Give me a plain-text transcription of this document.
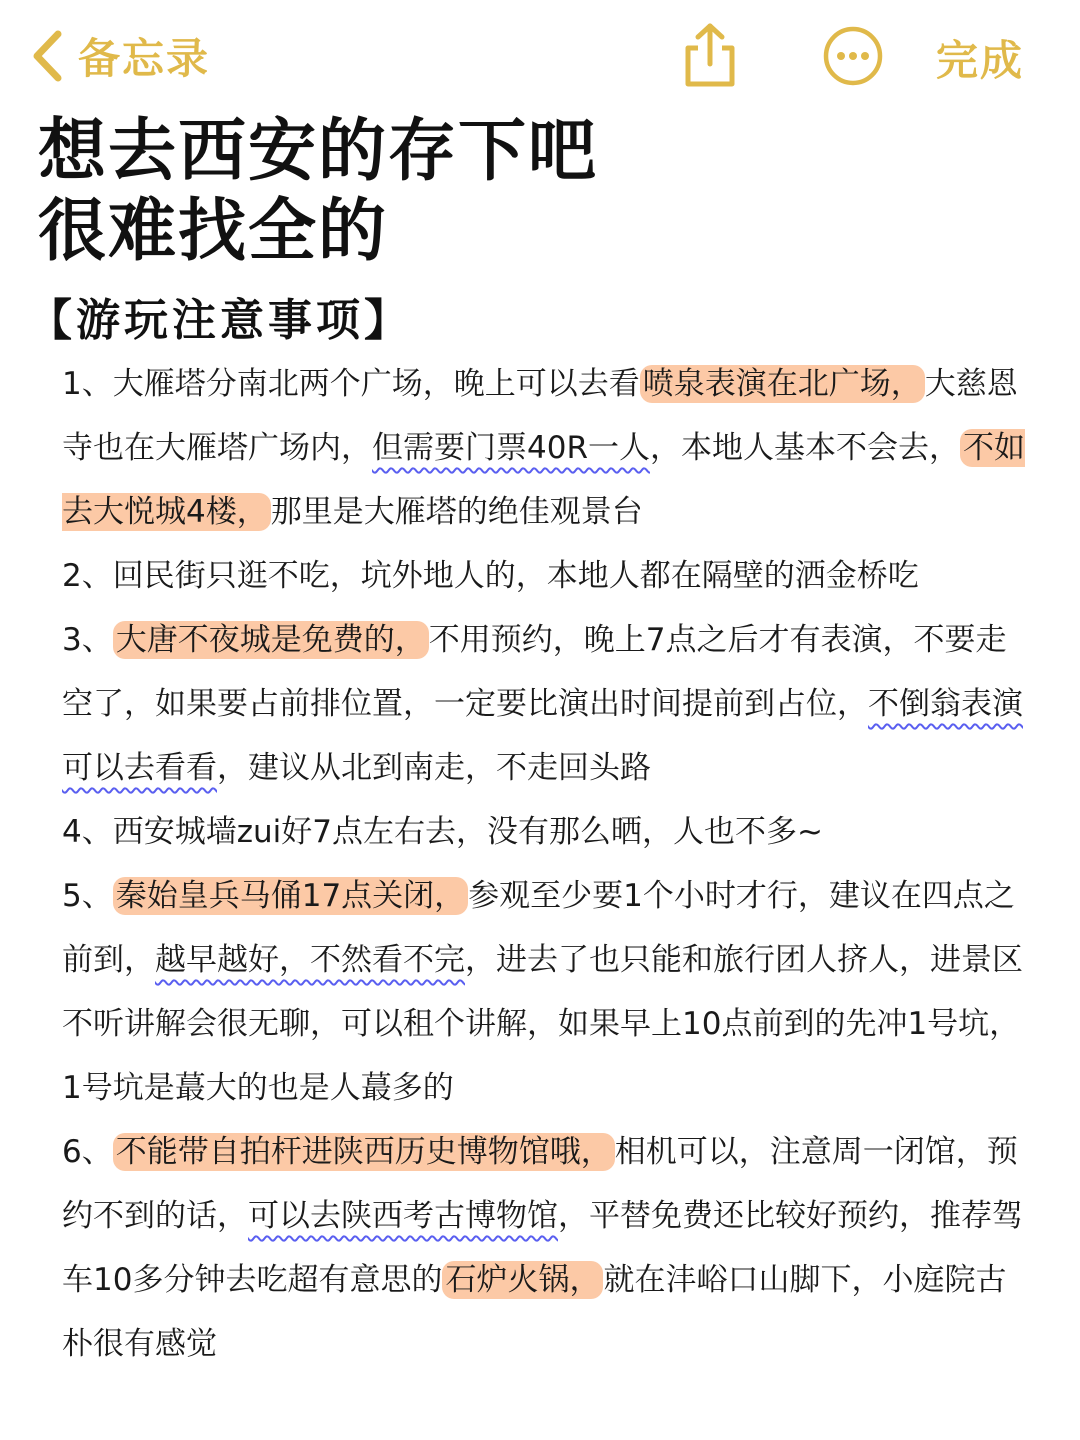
备忘录	完成
想去西安的存下吧
很难找全的
【游玩注意事项】

1、大雁塔分南北两个广场，晚上可以去看喷泉表演在北广场，大慈恩寺也在大雁塔广场内，但需要门票40R一人，本地人基本不会去，不如去大悦城4楼，那里是大雁塔的绝佳观景台

2、回民街只逛不吃，坑外地人的，本地人都在隔壁的洒金桥吃

3、大唐不夜城是免费的，不用预约，晚上7点之后才有表演，不要走空了，如果要占前排位置，一定要比演出时间提前到占位，不倒翁表演可以去看看，建议从北到南走，不走回头路

4、西安城墙zui好7点左右去，没有那么晒，人也不多~

5、秦始皇兵马俑17点关闭，参观至少要1个小时才行，建议在四点之前到，越早越好，不然看不完，进去了也只能和旅行团人挤人，进景区不听讲解会很无聊，可以租个讲解，如果早上10点前到的先冲1号坑，1号坑是蕞大的也是人蕞多的

6、不能带自拍杆进陕西历史博物馆哦，相机可以，注意周一闭馆，预约不到的话，可以去陕西考古博物馆，平替免费还比较好预约，推荐驾车10多分钟去吃超有意思的石炉火锅，就在沣峪口山脚下，小庭院古朴很有感觉
